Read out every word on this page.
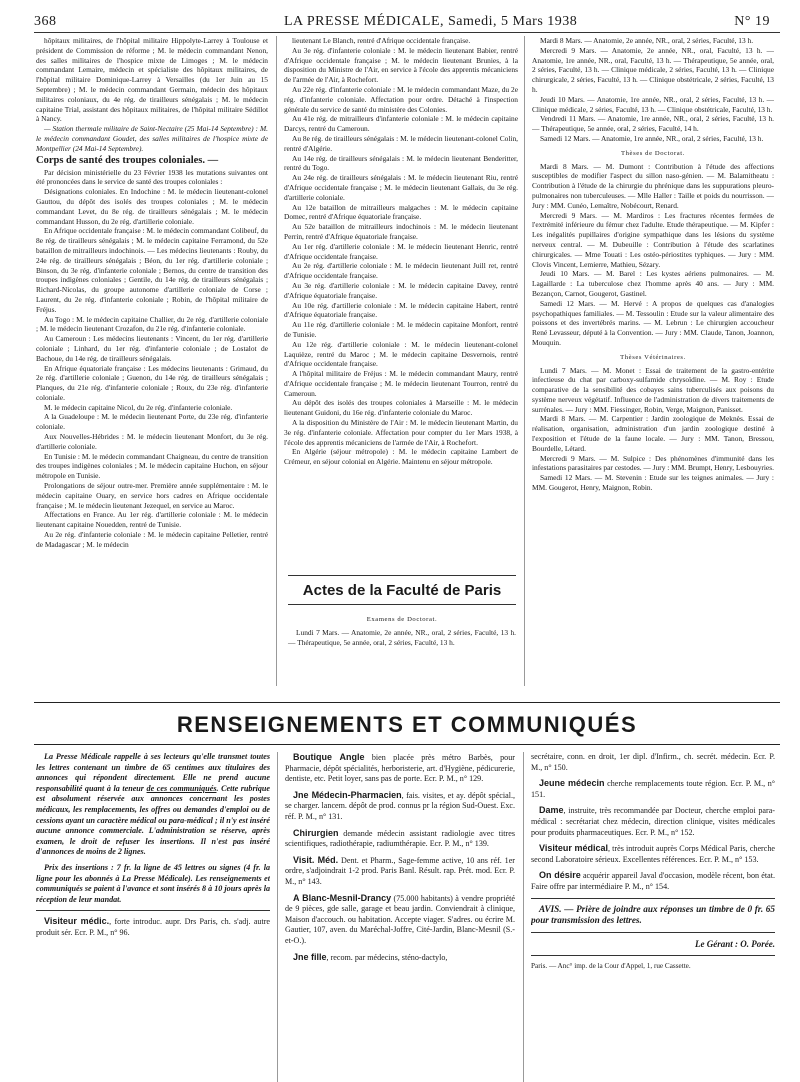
368	LA PRESSE MÉDICALE, Samedi, 5 Mars 1938	N° 19

hôpitaux militaires, de l'hôpital militaire Hippolyte-Larrey à Toulouse et président de Commission de réforme ; M. le médecin commandant Nenon, des salles militaires de l'hospice mixte de Limoges ; M. le médecin commandant Lemaire, médecin et spécialiste des hôpitaux militaires, de l'hôpital militaire Dominique-Larrey à Versailles (du 1er Juin au 15 Septembre) ; M. le médecin commandant Germain, médecin des hôpitaux militaires coloniaux, du 4e rég. de tirailleurs sénégalais ; M. le médecin capitaine Trial, assistant des hôpitaux militaires, de l'hôpital militaire Sédillot à Nancy.

— Station thermale militaire de Saint-Nectaire (25 Mai-14 Septembre) : M. le médecin commandant Goudet, des salles militaires de l'hospice mixte de Montpellier (24 Mai-14 Septembre).

Corps de santé des troupes coloniales. —

Par décision ministérielle du 23 Février 1938 les mutations suivantes ont été prononcées dans le service de santé des troupes coloniales :

Désignations coloniales. En Indochine : M. le médecin lieutenant-colonel Gauttou, du dépôt des isolés des troupes coloniales ; M. le médecin commandant Levet, du 8e rég. de tirailleurs sénégalais ; M. le médecin commandant Husson, du 2e rég. d'artillerie coloniale.

En Afrique occidentale française : M. le médecin commandant Colibeuf, du 8e rég. de tirailleurs sénégalais ; M. le médecin capitaine Ferramond, du 52e bataillon de mitrailleurs indochinois. — Les médecins lieutenants : Rouby, du 24e rég. de tirailleurs sénégalais ; Béon, du 1er rég. d'artillerie coloniale ; Binson, du 3e rég. d'infanterie coloniale ; Bernos, du centre de transition des troupes indigènes coloniales ; Gentile, du 14e rég. de tirailleurs sénégalais ; Richard-Nicolas, du groupe autonome d'artillerie coloniale de Corse ; Laurent, du 2e rég. d'infanterie coloniale ; Robin, de l'hôpital militaire de Fréjus.

Au Togo : M. le médecin capitaine Challier, du 2e rég. d'artillerie coloniale ; M. le médecin lieutenant Crozafon, du 21e rég. d'infanterie coloniale.

Au Cameroun : Les médecins lieutenants : Vincent, du 1er rég. d'artillerie coloniale ; Linhard, du 1er rég. d'infanterie coloniale ; de Lostalot de Bachoue, du 14e rég. de tirailleurs sénégalais.

En Afrique équatoriale française : Les médecins lieutenants : Grimaud, du 2e rég. d'artillerie coloniale ; Guenon, du 14e rég. de tirailleurs sénégalais ; Planques, du 21e rég. d'infanterie coloniale ; Roux, du 23e rég. d'infanterie coloniale.

M. le médecin capitaine Nicol, du 2e rég. d'infanterie coloniale.

A la Guadeloupe : M. le médecin lieutenant Porte, du 23e rég. d'infanterie coloniale.

Aux Nouvelles-Hébrides : M. le médecin lieutenant Monfort, du 3e rég. d'artillerie coloniale.

En Tunisie : M. le médecin commandant Chaigneau, du centre de transition des troupes indigènes coloniales ; M. le médecin capitaine Huchon, en séjour métropole en Tunisie.

Prolongations de séjour outre-mer. Première année supplémentaire : M. le médecin capitaine Ouary, en service hors cadres en Afrique occidentale française ; M. le médecin lieutenant Jezequel, en service au Maroc.

Affectations en France. Au 1er rég. d'artillerie coloniale : M. le médecin lieutenant capitaine Nouedden, rentré de Tunisie.

Au 2e rég. d'infanterie coloniale : M. le médecin capitaine Pelletier, rentré de Madagascar ; M. le médecin

lieutenant Le Blanch, rentré d'Afrique occidentale française.

Au 3e rég. d'infanterie coloniale : M. le médecin lieutenant Babier, rentré d'Afrique occidentale française ; M. le médecin lieutenant Brunies, à la disposition du Ministre de l'Air, en service à l'école des apprentis mécaniciens de l'armée de l'Air, à Rochefort.

Au 22e rég. d'infanterie coloniale : M. le médecin commandant Maze, du 2e rég. d'infanterie coloniale. Affectation pour ordre. Détaché à l'inspection générale du service de santé du ministère des Colonies.

Au 41e rég. de mitrailleurs d'infanterie coloniale : M. le médecin capitaine Darcys, rentré du Cameroun.

Au 8e rég. de tirailleurs sénégalais : M. le médecin lieutenant-colonel Colin, rentré d'Algérie.

Au 14e rég. de tirailleurs sénégalais : M. le médecin lieutenant Benderitter, rentré du Togo.

Au 24e rég. de tirailleurs sénégalais : M. le médecin lieutenant Riu, rentré d'Afrique occidentale française ; M. le médecin lieutenant Gallais, du 3e rég. d'artillerie coloniale.

Au 12e bataillon de mitrailleurs malgaches : M. le médecin capitaine Domec, rentré d'Afrique équatoriale française.

Au 52e bataillon de mitrailleurs indochinois : M. le médecin lieutenant Perrin, rentré d'Afrique équatoriale française.

Au 1er rég. d'artillerie coloniale : M. le médecin lieutenant Henric, rentré d'Afrique occidentale française.

Au 2e rég. d'artillerie coloniale : M. le médecin lieutenant Juill ret, rentré d'Afrique occidentale française.

Au 3e rég. d'artillerie coloniale : M. le médecin capitaine Davey, rentré d'Afrique équatoriale française.

Au 10e rég. d'artillerie coloniale : M. le médecin capitaine Habert, rentré d'Afrique équatoriale française.

Au 11e rég. d'artillerie coloniale : M. le médecin capitaine Monfort, rentré de Tunisie.

Au 12e rég. d'artillerie coloniale : M. le médecin lieutenant-colonel Laquièze, rentré du Maroc ; M. le médecin capitaine Desvernois, rentré d'Afrique occidentale française.

A l'hôpital militaire de Fréjus : M. le médecin commandant Maury, rentré d'Afrique occidentale française ; M. le médecin lieutenant Tourron, rentré du Cameroun.

Au dépôt des isolés des troupes coloniales à Marseille : M. le médecin lieutenant Guidoni, du 16e rég. d'infanterie coloniale du Maroc.

A la disposition du Ministère de l'Air : M. le médecin lieutenant Martin, du 3e rég. d'infanterie coloniale. Affectation pour compter du 1er Mars 1938, à l'école des apprentis mécaniciens de l'armée de l'Air, à Rochefort.

En Algérie (séjour métropole) : M. le médecin capitaine Lambert de Crémeur, en séjour colonial en Algérie. Maintenu en séjour métropole.

Actes de la Faculté de Paris

Examens de Doctorat.

Lundi 7 Mars. — Anatomie, 2e année, NR., oral, 2 séries, Faculté, 13 h. — Thérapeutique, 5e année, oral, 2 séries, Faculté, 13 h.

Mardi 8 Mars. — Anatomie, 2e année, NR., oral, 2 séries, Faculté, 13 h.

Mercredi 9 Mars. — Anatomie, 2e année, NR., oral, Faculté, 13 h. — Anatomie, 1re année, NR., oral, Faculté, 13 h. — Thérapeutique, 5e année, oral, 2 séries, Faculté, 13 h. — Clinique médicale, 2 séries, Faculté, 13 h. — Clinique chirurgicale, 2 séries, Faculté, 13 h. — Clinique obstétricale, 2 séries, Faculté, 13 h.

Jeudi 10 Mars. — Anatomie, 1re année, NR., oral, 2 séries, Faculté, 13 h. — Clinique médicale, 2 séries, Faculté, 13 h. — Clinique obstétricale, Faculté, 13 h.

Vendredi 11 Mars. — Anatomie, 1re année, NR., oral, 2 séries, Faculté, 13 h. — Thérapeutique, 5e année, oral, 2 séries, Faculté, 14 h.

Samedi 12 Mars. — Anatomie, 1re année, NR., oral, 2 séries, Faculté, 13 h.

Thèses de Doctorat.

Mardi 8 Mars. — M. Dumont : Contribution à l'étude des affections susceptibles de modifier l'aspect du sillon naso-génien. — M. Balamitheatu : Contribution à l'étude de la chirurgie du phrénique dans les suppurations pleuro-pulmonaires non tuberculeuses. — Mlle Haller : Taille et poids du nourrisson. — Jury : MM. Cunéo, Lemaître, Nobécourt, Renard.

Mercredi 9 Mars. — M. Mardiros : Les fractures récentes fermées de l'extrémité inférieure du fémur chez l'adulte. Etude thérapeutique. — M. Kipfer : Les inégalités pupillaires d'origine sympathique dans les lésions du système nerveux central. — M. Dubeuille : Contribution à l'étude des scarlatines chirurgicales. — Mme Touati : Les ostéo-périostites typhiques. — Jury : MM. Clovis Vincent, Lemierre, Mathieu, Sézary.

Jeudi 10 Mars. — M. Barel : Les kystes aériens pulmonaires. — M. Lagaillarde : La tuberculose chez l'homme après 40 ans. — Jury : MM. Bezançon, Carnot, Gougerot, Gastinel.

Samedi 12 Mars. — M. Hervé : A propos de quelques cas d'analogies psychopathiques familiales. — M. Tessoulin : Etude sur la valeur alimentaire des poissons et des invertébrés marins. — M. Lebrun : Le chirurgien accoucheur René Levasseur, député à la Convention. — Jury : MM. Claude, Tanon, Joannon, Mouquin.

Thèses Vétérinaires.

Lundi 7 Mars. — M. Monet : Essai de traitement de la gastro-entérite infectieuse du chat par carboxy-sulfamide chrysoïdine. — M. Roy : Etude comparative de la sensibilité des cobayes sains tuberculisés aux poisons du système nerveux végétatif. Influence de l'administration de divers traitements de surrénales. — Jury : MM. Fiessinger, Robin, Verge, Maignon, Panisset.

Mardi 8 Mars. — M. Carpentier : Jardin zoologique de Meknès. Essai de réalisation, organisation, administration d'un jardin zoologique destiné à l'exposition et l'étude de la faune locale. — Jury : MM. Tanon, Bressou, Bourdelle, Létard.

Mercredi 9 Mars. — M. Sulpice : Des phénomènes d'immunité dans les infestations parasitaires par cestodes. — Jury : MM. Brumpt, Henry, Lesbouyries.

Samedi 12 Mars. — M. Stevenin : Etude sur les teignes animales. — Jury : MM. Gougerot, Henry, Maignon, Robin.

RENSEIGNEMENTS ET COMMUNIQUÉS

La Presse Médicale rappelle à ses lecteurs qu'elle transmet toutes les lettres contenant un timbre de 65 centimes aux titulaires des annonces qui répondent directement. Elle ne prend aucune responsabilité quant à la teneur de ces communiqués. Cette rubrique est absolument réservée aux annonces concernant les postes médicaux, les remplacements, les offres ou demandes d'emploi ou de cessions ayant un caractère médical ou para-médical ; il n'y est inséré aucune annonce commerciale. L'administration se réserve, après examen, le droit de refuser les insertions. Il n'est pas inséré d'annonces de moins de 2 lignes.

Prix des insertions : 7 fr. la ligne de 45 lettres ou signes (4 fr. la ligne pour les abonnés à La Presse Médicale). Les renseignements et communiqués se paient à l'avance et sont insérés 8 à 10 jours après la réception de leur mandat.

Visiteur médic., forte introduc. aupr. Drs Paris, ch. s'adj. autre produit sér. Ecr. P. M., n° 96.

Boutique Angle bien placée près métro Barbès, pour Pharmacie, dépôt spécialités, herboristerie, art. d'Hygiène, pédicurerie, dentiste, etc. Petit loyer, sans pas de porte. Ecr. P. M., n° 129.

Jne Médecin-Pharmacien, fais. visites, et ay. dépôt spécial., se charger. lancem. dépôt de prod. connus pr la région Sud-Ouest. Exc. réf. P. M., n° 131.

Chirurgien demande médecin assistant radiologie avec titres scientifiques, radiothérapie, radiumthérapie. Ecr. P. M., n° 139.

Visit. Méd. Dent. et Pharm., Sage-femme active, 10 ans réf. 1er ordre, s'adjoindrait 1-2 prod. Paris Banl. Résult. rap. Prét. mod. Ecr. P. M., n° 143.

A Blanc-Mesnil-Drancy (75.000 habitants) à vendre propriété de 9 pièces, gde salle, garage et beau jardin. Conviendrait à clinique, Maison d'accouch. ou habitation. Accepte viager. S'adres. ou écrire M. Gautier, 107, aven. du Maréchal-Joffre, Cité-Jardin, Blanc-Mesnil (S.-et-O.).

Jne fille, recom. par médecins, sténo-dactylo,

secrétaire, conn. en droit, 1er dipl. d'Infirm., ch. secrét. médecin. Ecr. P. M., n° 150.

Jeune médecin cherche remplacements toute région. Ecr. P. M., n° 151.

Dame, instruite, très recommandée par Docteur, cherche emploi para-médical : secrétariat chez médecin, direction clinique, visites médicales pour produits pharmaceutiques. Ecr. P. M., n° 152.

Visiteur médical, très introduit auprès Corps Médical Paris, cherche second Laboratoire sérieux. Excellentes références. Ecr. P. M., n° 153.

On désire acquérir appareil Javal d'occasion, modèle récent, bon état. Faire offre par intermédiaire P. M., n° 154.

AVIS. — Prière de joindre aux réponses un timbre de 0 fr. 65 pour transmission des lettres.

Le Gérant : O. Porée.

Paris. — Anc° imp. de la Cour d'Appel, 1, rue Cassette.
